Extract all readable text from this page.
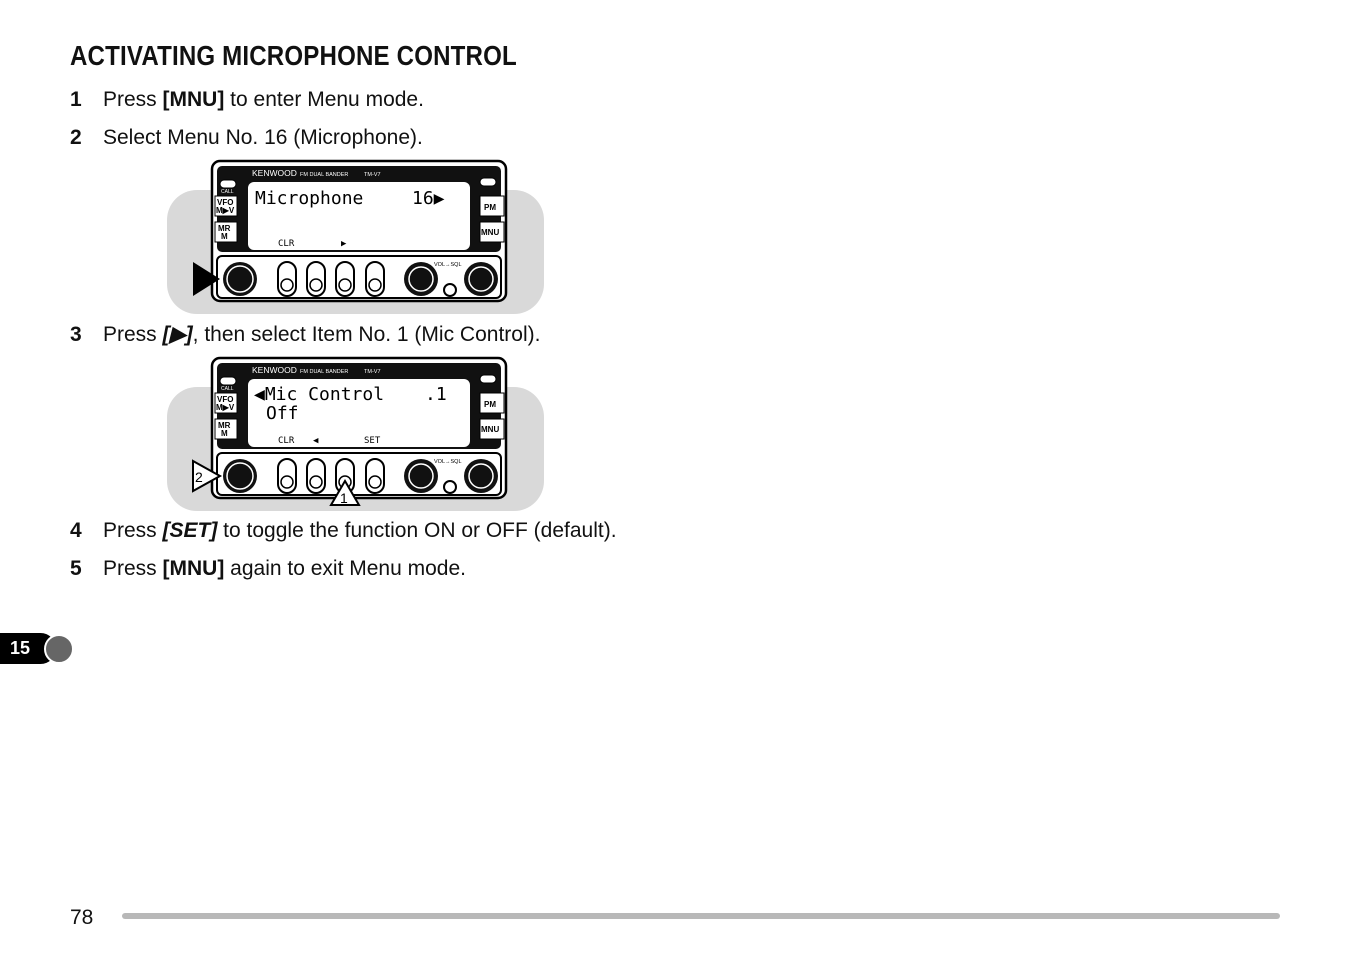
ACTIVATING MICROPHONE CONTROL
1 Press [MNU] to enter Menu mode.
2 Select Menu No. 16 (Microphone).
KENWOOD FM DUAL BANDER	TM-V7
CALL
VFO
M▶V
MR
M
PM
MNU
Microphone	16▶
CLR	▶
VOL→SQL
3 Press [▶], then select Item No. 1 (Mic Control).
KENWOOD FM DUAL BANDER	TM-V7
CALL
VFO
M▶V
MR
M
PM
MNU
◀Mic Control .1
Off
CLR ◀	SET
VOL→SQL
2
1
4 Press [SET] to toggle the function ON or OFF (default).
5 Press [MNU] again to exit Menu mode.
15
78
